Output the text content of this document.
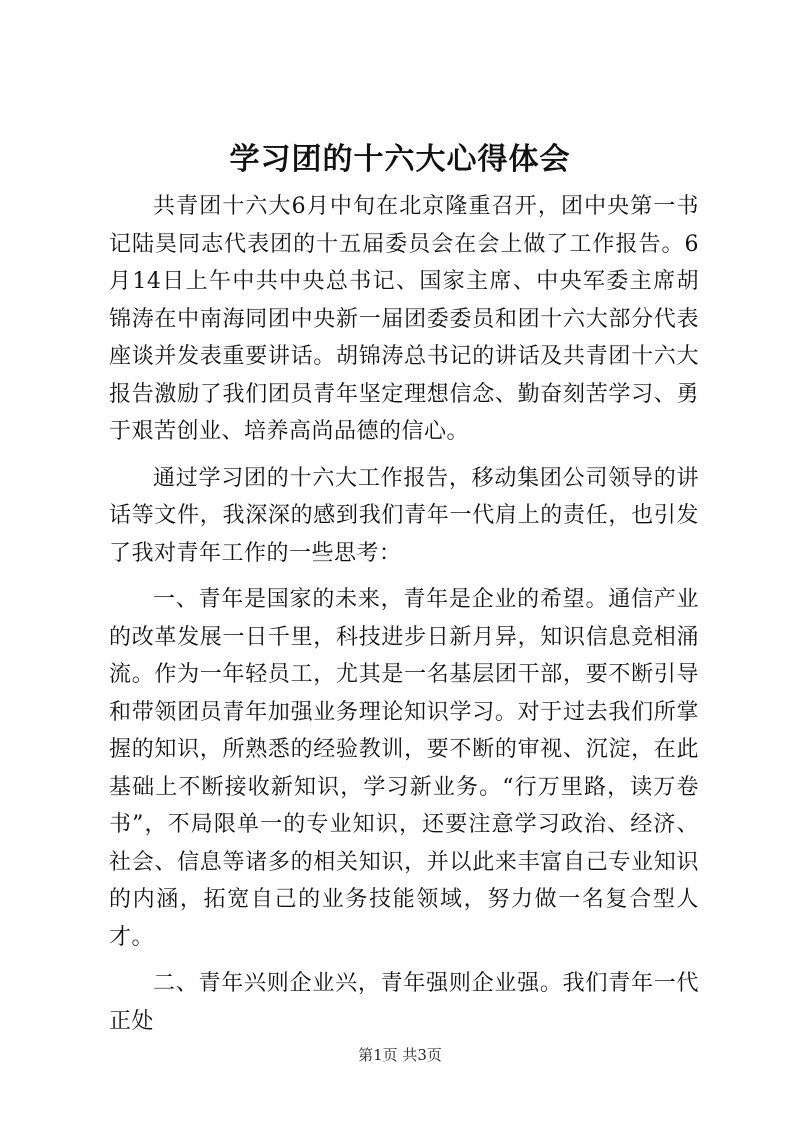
学习团的十六大心得体会

共青团十六大6月中旬在北京隆重召开，团中央第一书记陆昊同志代表团的十五届委员会在会上做了工作报告。6月14日上午中共中央总书记、国家主席、中央军委主席胡锦涛在中南海同团中央新一届团委委员和团十六大部分代表座谈并发表重要讲话。胡锦涛总书记的讲话及共青团十六大报告激励了我们团员青年坚定理想信念、勤奋刻苦学习、勇于艰苦创业、培养高尚品德的信心。

通过学习团的十六大工作报告，移动集团公司领导的讲话等文件，我深深的感到我们青年一代肩上的责任，也引发了我对青年工作的一些思考：

一、青年是国家的未来，青年是企业的希望。通信产业的改革发展一日千里，科技进步日新月异，知识信息竞相涌流。作为一年轻员工，尤其是一名基层团干部，要不断引导和带领团员青年加强业务理论知识学习。对于过去我们所掌握的知识，所熟悉的经验教训，要不断的审视、沉淀，在此基础上不断接收新知识，学习新业务。“行万里路，读万卷书”，不局限单一的专业知识，还要注意学习政治、经济、社会、信息等诸多的相关知识，并以此来丰富自己专业知识的内涵，拓宽自己的业务技能领域，努力做一名复合型人才。

二、青年兴则企业兴，青年强则企业强。我们青年一代正处

第1页 共3页
